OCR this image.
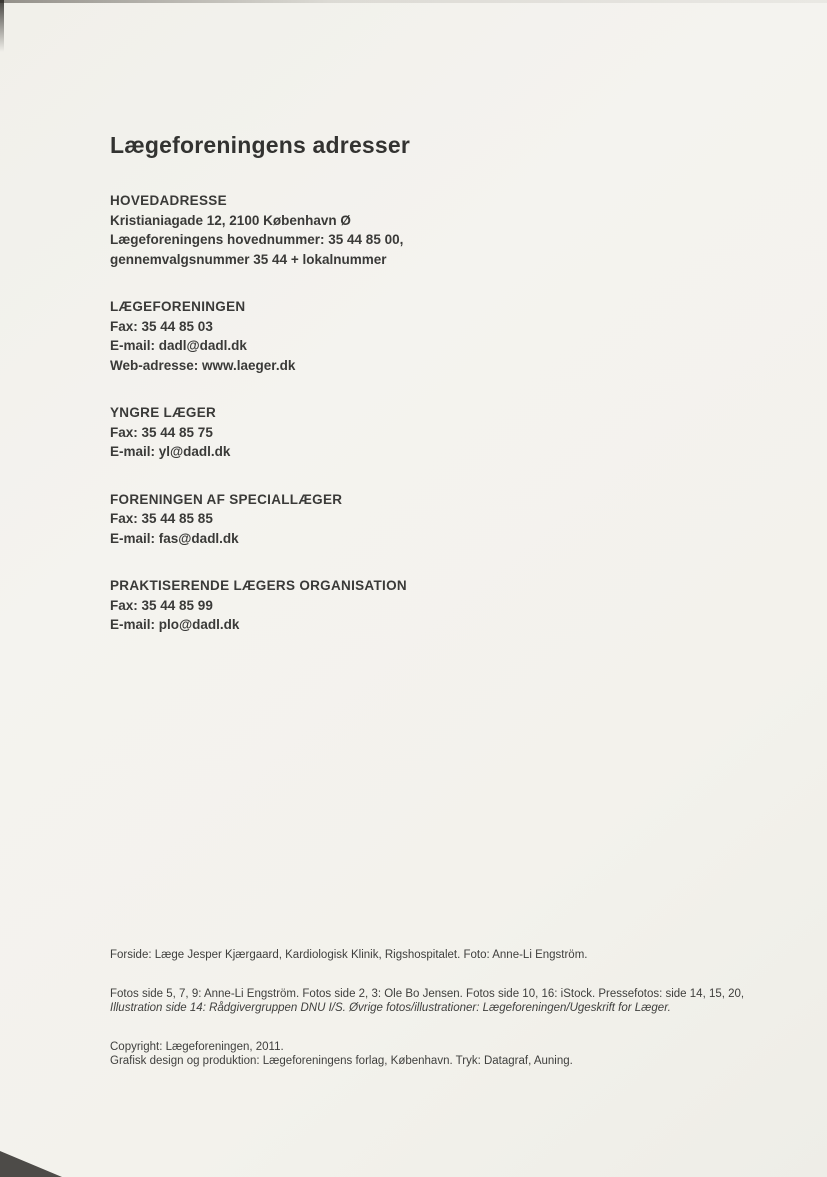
Lægeforeningens adresser
HOVEDADRESSE
Kristianiagade 12, 2100 København Ø
Lægeforeningens hovednummer: 35 44 85 00,
gennemvalgsnummer 35 44 + lokalnummer
LÆGEFORENINGEN
Fax: 35 44 85 03
E-mail: dadl@dadl.dk
Web-adresse: www.laeger.dk
YNGRE LÆGER
Fax: 35 44 85 75
E-mail: yl@dadl.dk
FORENINGEN AF SPECIALLÆGER
Fax: 35 44 85 85
E-mail: fas@dadl.dk
PRAKTISERENDE LÆGERS ORGANISATION
Fax: 35 44 85 99
E-mail: plo@dadl.dk

Forside: Læge Jesper Kjærgaard, Kardiologisk Klinik, Rigshospitalet. Foto: Anne-Li Engström.

Fotos side 5, 7, 9: Anne-Li Engström. Fotos side 2, 3: Ole Bo Jensen. Fotos side 10, 16: iStock. Pressefotos: side 14, 15, 20,
Illustration side 14: Rådgivergruppen DNU I/S. Øvrige fotos/illustrationer: Lægeforeningen/Ugeskrift for Læger.

Copyright: Lægeforeningen, 2011.
Grafisk design og produktion: Lægeforeningens forlag, København. Tryk: Datagraf, Auning.
